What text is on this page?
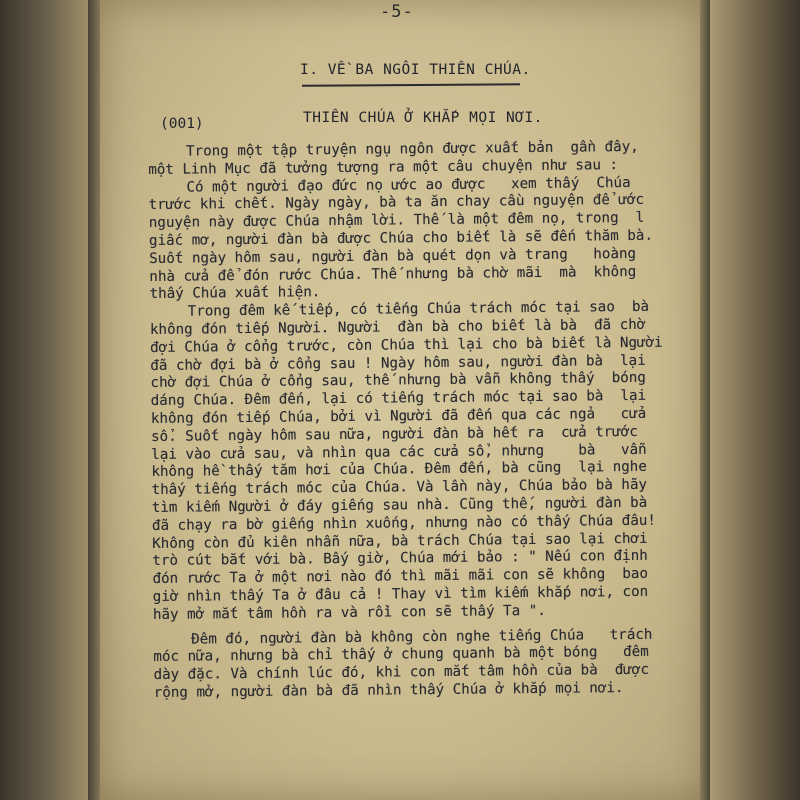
-5-
I. VỀ BA NGÔI THIÊN CHÚA.
(001)	THIÊN CHÚA Ở KHẮP MỌI NƠI.
Trong một tập truyện ngụ ngôn được xuất bản  gần đây,
một Linh Mục đã tưởng tượng ra một câu chuyện như sau :
Có một người đạo đức nọ ước ao được   xem thấy  Chúa
trước khi chết. Ngày ngày, bà ta ăn chay cầu nguyện để ước
nguyện này được Chúa nhậm lời. Thế là một đêm nọ, trong  l
giấc mơ, người đàn bà được Chúa cho biết là sẽ đến thăm bà.
Suốt ngày hôm sau, người đàn bà quét dọn và trang   hoàng
nhà cửa để đón rước Chúa. Thế nhưng bà chờ mãi  mà  không
thấy Chúa xuất hiện.
Trong đêm kế tiếp, có tiếng Chúa trách móc tại sao  bà
không đón tiếp Người. Người  đàn bà cho biết là bà  đã chờ
đợi Chúa ở cổng trước, còn Chúa thì lại cho bà biết là Người
đã chờ đợi bà ở cổng sau ! Ngày hôm sau, người đàn bà  lại
chờ đợi Chúa ở cổng sau, thế nhưng bà vẫn không thấy  bóng
dáng Chúa. Đêm đến, lại có tiếng trách móc tại sao bà  lại
không đón tiếp Chúa, bởi vì Người đã đến qua các ngả   cửa
sổ. Suốt ngày hôm sau nữa, người đàn bà hết ra  cửa trước
lại vào cửa sau, và nhìn qua các cửa sổ, nhưng    bà   vẫn
không hề thấy tăm hơi của Chúa. Đêm đến, bà cũng  lại nghe
thấy tiếng trách móc của Chúa. Và lần này, Chúa bảo bà hãy
tìm kiếm Người ở đáy giếng sau nhà. Cũng thế, người đàn bà
đã chạy ra bờ giếng nhìn xuống, nhưng nào có thấy Chúa đâu!
Không còn đủ kiên nhẫn nữa, bà trách Chúa tại sao lại chơi
trò cút bắt với bà. Bấy giờ, Chúa mới bảo : " Nếu con định
đón rước Ta ở một nơi nào đó thì mãi mãi con sẽ không  bao
giờ nhìn thấy Ta ở đâu cả ! Thay vì tìm kiếm khắp nơi, con
hãy mở mắt tâm hồn ra và rồi con sẽ thấy Ta ".
Đêm đó, người đàn bà không còn nghe tiếng Chúa   trách
móc nữa, nhưng bà chỉ thấy ở chung quanh bà một bóng   đêm
dày đặc. Và chính lúc đó, khi con mắt tâm hồn của bà  được
rộng mở, người đàn bà đã nhìn thấy Chúa ở khắp mọi nơi.
